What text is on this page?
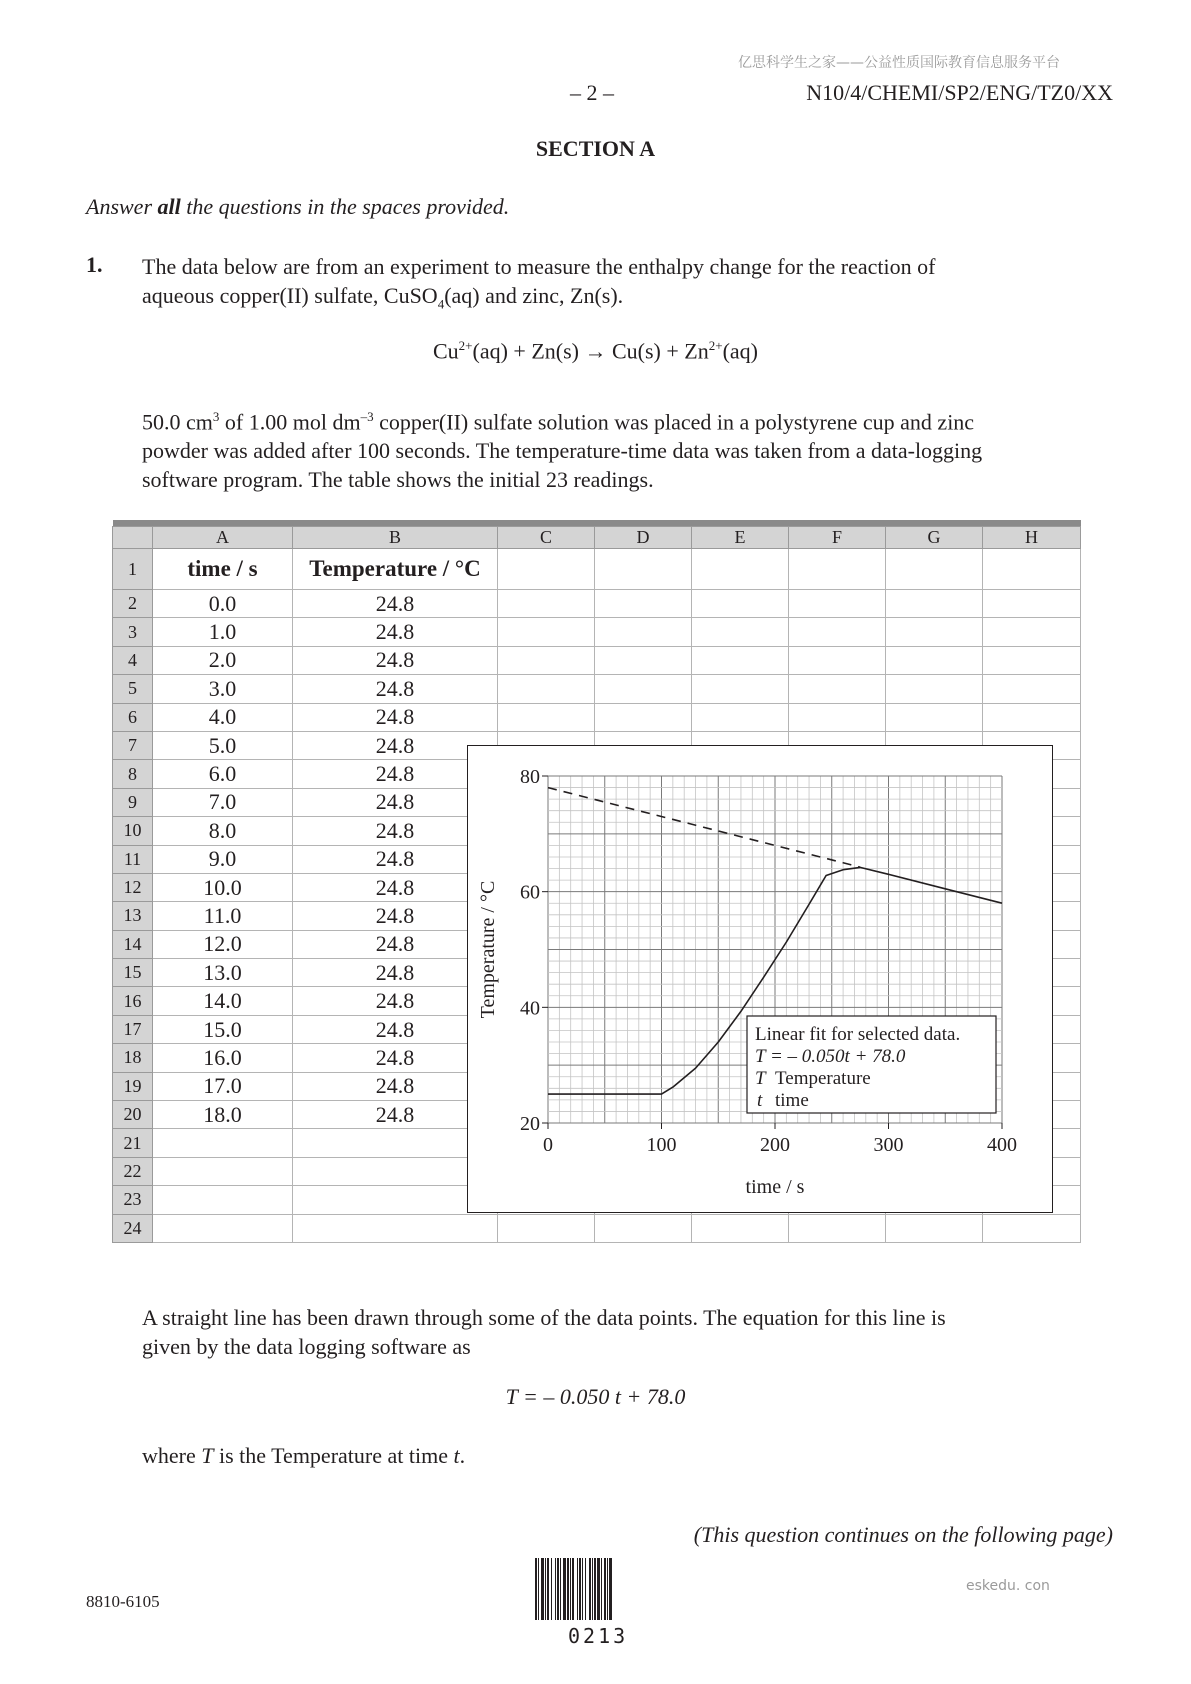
亿思科学生之家——公益性质国际教育信息服务平台
– 2 –	N10/4/CHEMI/SP2/ENG/TZ0/XX
SECTION A
Answer all the questions in the spaces provided.
1. The data below are from an experiment to measure the enthalpy change for the reaction of
aqueous copper(II) sulfate, CuSO$_4$(aq) and zinc, Zn(s).
$Cu^{2+}(aq) + Zn(s) \to Cu(s) + Zn^{2+}(aq)$
50.0 $cm^3$ of 1.00 mol $dm^{-3}$ copper(II) sulfate solution was placed in a polystyrene cup and zinc
powder was added after 100 seconds. The temperature-time data was taken from a data-logging
software program. The table shows the initial 23 readings.

	A	B	C	D	E	F	G	H
1	time / s	Temperature / °C						
2	0.0	24.8						
3	1.0	24.8						
4	2.0	24.8						
5	3.0	24.8						
6	4.0	24.8						
7	5.0	24.8						
8	6.0	24.8						
9	7.0	24.8						
10	8.0	24.8						
11	9.0	24.8						
12	10.0	24.8						
13	11.0	24.8						
14	12.0	24.8						
15	13.0	24.8						
16	14.0	24.8						
17	15.0	24.8						
18	16.0	24.8						
19	17.0	24.8						
20	18.0	24.8						
21								
22								
23								
24								
0	100	200	300	400
20
40
60
80
time / s
Temperature / °C
Linear fit for selected data.
T = – 0.050t + 78.0
T Temperature
t time
A straight line has been drawn through some of the data points. The equation for this line is
given by the data logging software as
T = – 0.050 t + 78.0
where T is the Temperature at time t.
(This question continues on the following page)
8810-6105
eskedu. con
0213
